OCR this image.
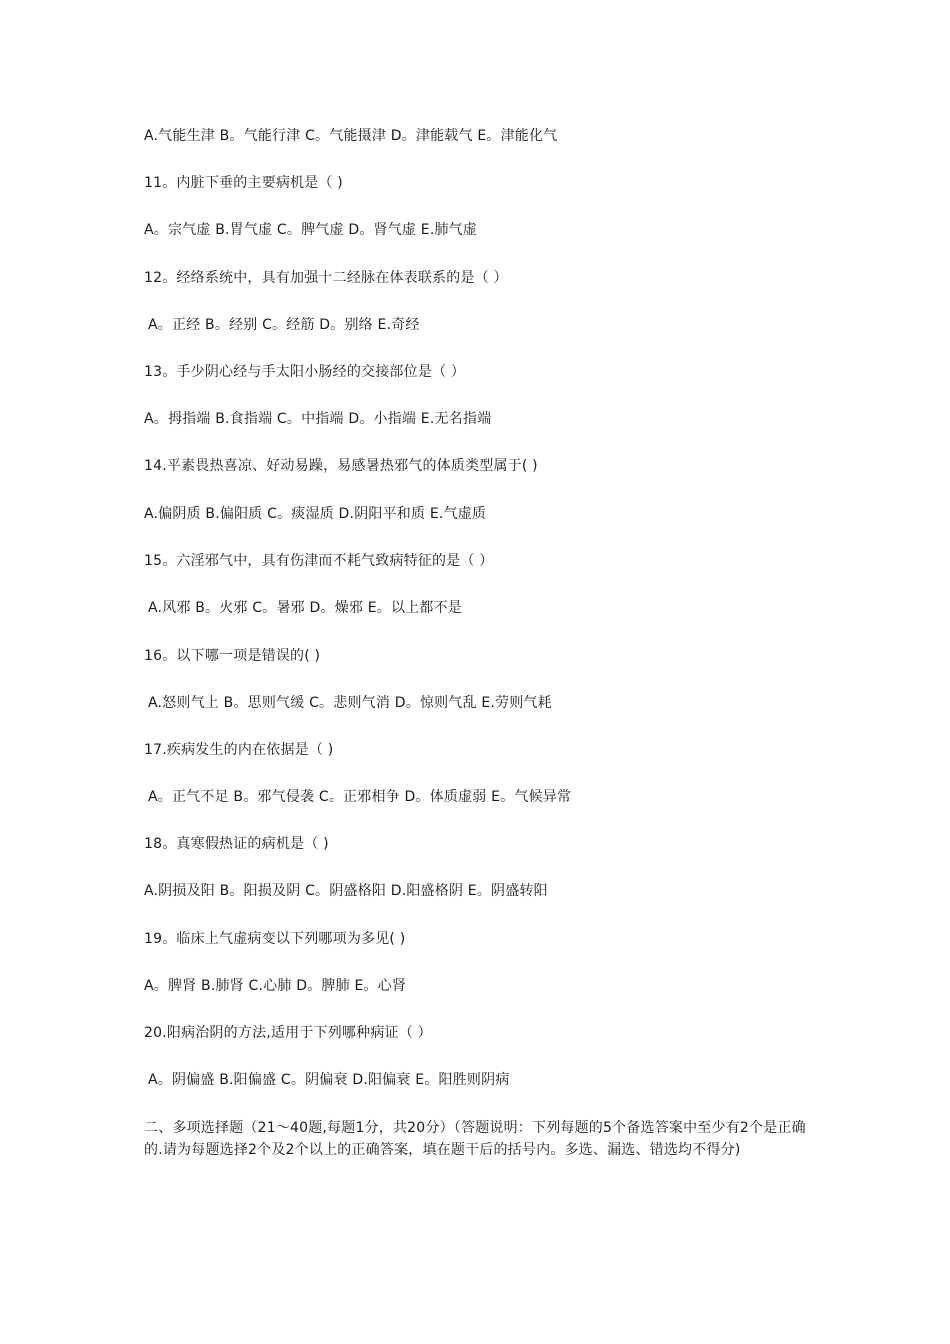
A.气能生津 B。气能行津 C。气能摄津 D。津能载气 E。津能化气
11。内脏下垂的主要病机是（ )
A。宗气虚 B.胃气虚 C。脾气虚 D。肾气虚 E.肺气虚
12。经络系统中，具有加强十二经脉在体表联系的是（ ）
A。正经 B。经别 C。经筋 D。别络 E.奇经
13。手少阴心经与手太阳小肠经的交接部位是（ ）
A。拇指端 B.食指端 C。中指端 D。小指端 E.无名指端
14.平素畏热喜凉、好动易躁，易感暑热邪气的体质类型属于( )
A.偏阴质 B.偏阳质 C。痰湿质 D.阴阳平和质 E.气虚质
15。六淫邪气中，具有伤津而不耗气致病特征的是（ ）
A.风邪 B。火邪 C。暑邪 D。燥邪 E。以上都不是
16。以下哪一项是错误的( )
A.怒则气上 B。思则气缓 C。悲则气消 D。惊则气乱 E.劳则气耗
17.疾病发生的内在依据是（ )
A。正气不足 B。邪气侵袭 C。正邪相争 D。体质虚弱 E。气候异常
18。真寒假热证的病机是（ )
A.阴损及阳 B。阳损及阴 C。阴盛格阳 D.阳盛格阴 E。阴盛转阳
19。临床上气虚病变以下列哪项为多见( )
A。脾肾 B.肺肾 C.心肺 D。脾肺 E。心肾
20.阳病治阴的方法,适用于下列哪种病证（ ）
A。阴偏盛 B.阳偏盛 C。阴偏衰 D.阳偏衰 E。阳胜则阴病
二、多项选择题（21～40题,每题1分，共20分）（答题说明：下列每题的5个备选答案中至少有2个是正确的.请为每题选择2个及2个以上的正确答案，填在题干后的括号内。多选、漏选、错选均不得分)
